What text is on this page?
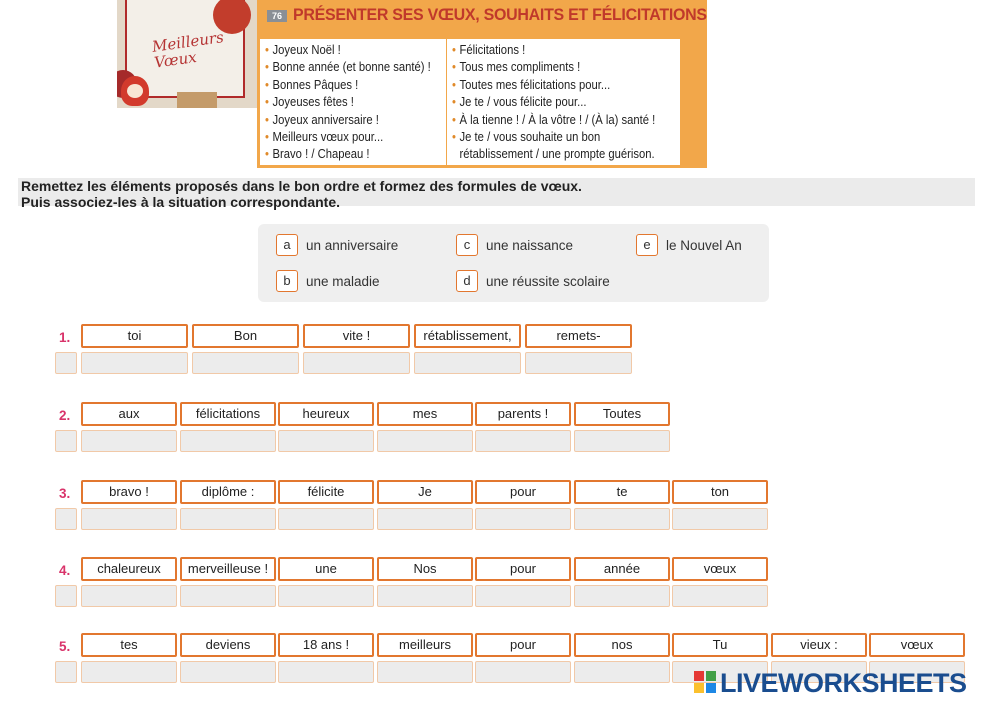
Meilleurs Vœux
76 PRÉSENTER SES VŒUX, SOUHAITS ET FÉLICITATIONS
• Joyeux Noël !
• Bonne année (et bonne santé) !
• Bonnes Pâques !
• Joyeuses fêtes !
• Joyeux anniversaire !
• Meilleurs vœux pour...
• Bravo ! / Chapeau !
• Félicitations !
• Tous mes compliments !
• Toutes mes félicitations pour...
• Je te / vous félicite pour...
• À la tienne ! / À la vôtre ! / (À la) santé !
• Je te / vous souhaite un bon
rétablissement / une prompte guérison.
Remettez les éléments proposés dans le bon ordre et formez des formules de vœux.
Puis associez-les à la situation correspondante.
a	un anniversaire	c	une naissance	e	le Nouvel An
b	une maladie	d	une réussite scolaire
1.	toi	Bon	vite !	rétablissement,	remets-
2.	aux	félicitations	heureux	mes	parents !	Toutes
3.	bravo !	diplôme :	félicite	Je	pour	te	ton
4.	chaleureux	merveilleuse !	une	Nos	pour	année	vœux
5.	tes	deviens	18 ans !	meilleurs	pour	nos	Tu	vieux :	vœux
LIVEWORKSHEETS
